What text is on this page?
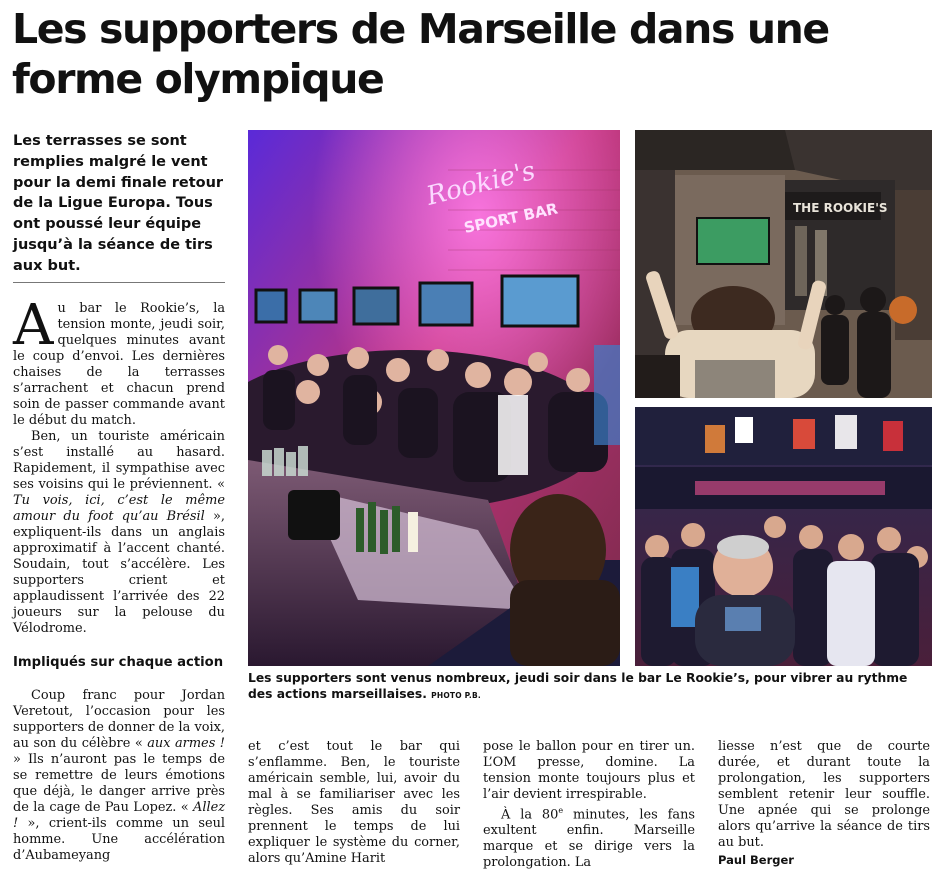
Les supporters de Marseille dans une forme olympique

Les terrasses se sont remplies malgré le vent pour la demi finale retour de la Ligue Europa. Tous ont poussé leur équipe jusqu’à la séance de tirs aux but.

Au bar le Rookie’s, la tension monte, jeudi soir, quelques minutes avant le coup d’envoi. Les dernières chaises de la terrasses s’arrachent et chacun prend soin de passer commande avant le début du match.

Ben, un touriste américain s’est installé au hasard. Rapidement, il sympathise avec ses voisins qui le préviennent. « Tu vois, ici, c’est le même amour du foot qu’au Brésil », expliquent-ils dans un anglais approximatif à l’accent chanté. Soudain, tout s’accélère. Les supporters crient et applaudissent l’arrivée des 22 joueurs sur la pelouse du Vélodrome.

Impliqués sur chaque action

Coup franc pour Jordan Veretout, l’occasion pour les supporters de donner de la voix, au son du célèbre « aux armes ! » Ils n’auront pas le temps de se remettre de leurs émotions que déjà, le danger arrive près de la cage de Pau Lopez. « Allez ! », crient-ils comme un seul homme. Une accélération d’Aubameyang

et c’est tout le bar qui s’enflamme. Ben, le touriste américain semble, lui, avoir du mal à se familiariser avec les règles. Ses amis du soir prennent le temps de lui expliquer le système du corner, alors qu’Amine Harit

pose le ballon pour en tirer un. L’OM presse, domine. La tension monte toujours plus et l’air devient irrespirable.

À la 80e minutes, les fans exultent enfin. Marseille marque et se dirige vers la prolongation. La

liesse n’est que de courte durée, et durant toute la prolongation, les supporters semblent retenir leur souffle. Une apnée qui se prolonge alors qu’arrive la séance de tirs au but.

Paul Berger
Rookie's
SPORT BAR	THE ROOKIE'S

Les supporters sont venus nombreux, jeudi soir dans le bar Le Rookie’s, pour vibrer au rythme des actions marseillaises. PHOTO P.B.
